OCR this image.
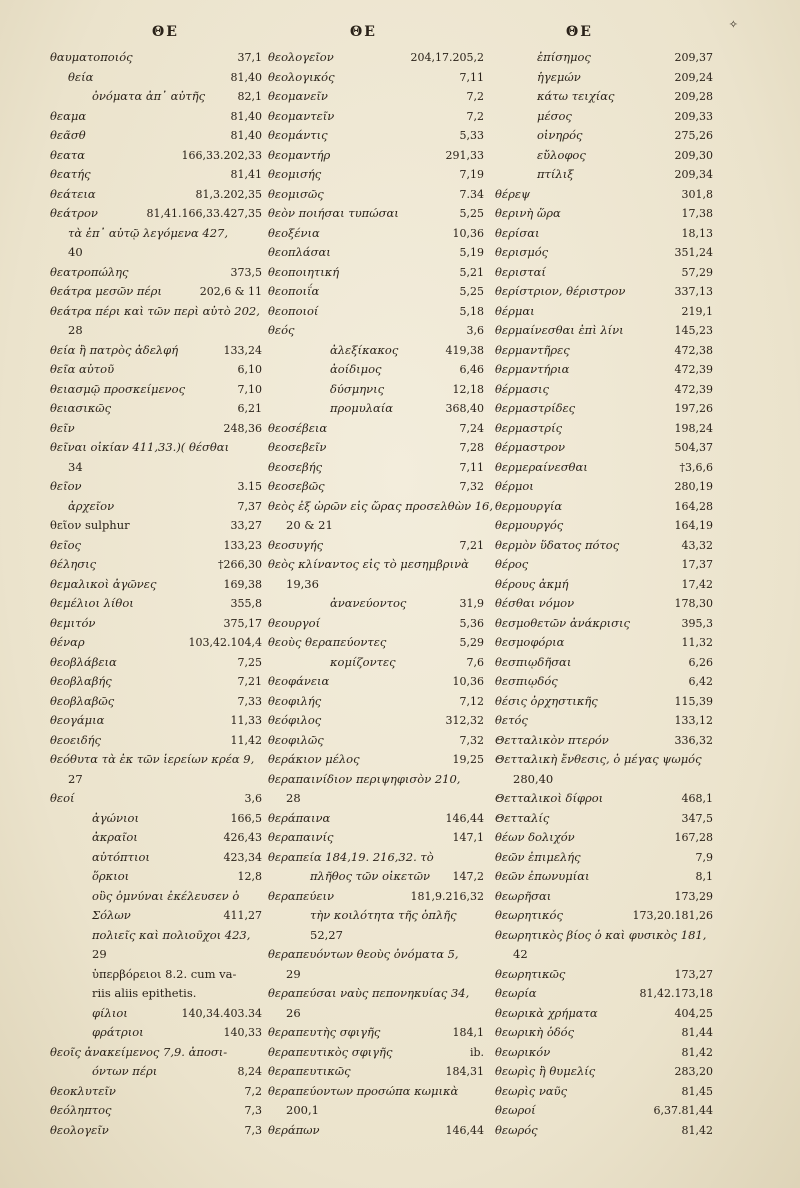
ΘΕ	ΘΕ	ΘΕ	✧
θαυματοποιός	37,1
θεία	81,40
ὀνόματα ἀπ᾽ αὐτῆς	82,1
θεαμα	81,40
θεᾶσθ	81,40
θεατα	166,33.202,33
θεατής	81,41
θεάτεια	81,3.202,35
θεάτρον	81,41.166,33.427,35
τὰ ἐπ᾽ αὐτῷ λεγόμενα 427,
40
θεατροπώλης	373,5
θεάτρα μεσῶν πέρι	202,6 & 11
θεάτρα πέρι καὶ τῶν περὶ αὐτὸ 202,
28
θεία ἢ πατρὸς ἀδελφή	133,24
θεῖα αὐτοῦ	6,10
θειασμῷ προσκείμενος	7,10
θειασικῶς	6,21
θεῖν	248,36
θεῖναι οἰκίαν 411,33.)( θέσθαι
34
θεῖον	3.15
ἀρχεῖον	7,37
θεῖον sulphur	33,27
θεῖος	133,23
θέλησις	†266,30
θεμαλικοὶ ἀγῶνες	169,38
θεμέλιοι λίθοι	355,8
θεμιτόν	375,17
θέναρ	103,42.104,4
θεοβλάβεια	7,25
θεοβλαβής	7,21
θεοβλαβῶς	7,33
θεογάμια	11,33
θεοειδής	11,42
θεόθυτα τὰ ἐκ τῶν ἱερείων κρέα 9,
27
θεοί	3,6
ἀγώνιοι	166,5
ἀκραῖοι	426,43
αὐτόπτιοι	423,34
ὅρκιοι	12,8
οὓς ὀμνύναι ἐκέλευσεν ὁ
Σόλων	411,27
πολιεῖς καὶ πολιοῦχοι 423,
29
ὑπερβόρειοι 8.2. cum va-
riis aliis epithetis.
φίλιοι	140,34.403.34
φράτριοι	140,33
θεοῖς ἀνακείμενος 7,9. ἀποσι-
όντων πέρι	8,24
θεοκλυτεῖν	7,2
θεόληπτος	7,3
θεολογεῖν	7,3
θεολογεῖον	204,17.205,2
θεολογικός	7,11
θεομανεῖν	7,2
θεομαντεῖν	7,2
θεομάντις	5,33
θεομαντήρ	291,33
θεομισής	7,19
θεομισῶς	7.34
θεὸν ποιήσαι τυπώσαι	5,25
θεοξένια	10,36
θεοπλάσαι	5,19
θεοποιητική	5,21
θεοποιΐα	5,25
θεοποιοί	5,18
θεός	3,6
ἀλεξίκακος	419,38
ἀοίδιμος	6,46
δύσμηνις	12,18
προμυλαία	368,40
θεοσέβεια	7,24
θεοσεβεῖν	7,28
θεοσεβής	7,11
θεοσεβῶς	7,32
θεὸς ἐξ ὡρῶν εἰς ὥρας προσελθὼν 16,
20 & 21
θεοσυγής	7,21
θεὸς κλίναντος εἰς τὸ μεσημβρινὰ
19,36
ἀνανεύοντος	31,9
θεουργοί	5,36
θεοὺς θεραπεύοντες	5,29
κομίζοντες	7,6
θεοφάνεια	10,36
θεοφιλής	7,12
θεόφιλος	312,32
θεοφιλῶς	7,32
θεράκιον μέλος	19,25
θεραπαινίδιον περιψηφισὸν 210,
28
θεράπαινα	146,44
θεραπαινίς	147,1
θεραπεία 184,19. 216,32. τὸ
πλῆθος τῶν οἰκετῶν 147,2
θεραπεύειν	181,9.216,32
τὴν κοιλότητα τῆς ὁπλῆς
52,27
θεραπευόντων θεοὺς ὀνόματα 5,
29
θεραπεύσαι ναὺς πεπονηκυίας 34,
26
θεραπευτὴς σφιγῆς	184,1
θεραπευτικὸς σφιγῆς	ib.
θεραπευτικῶς	184,31
θεραπεύοντων προσώπα κωμικὰ
200,1
θεράπων	146,44
ἐπίσημος	209,37
ἡγεμών	209,24
κάτω τειχίας	209,28
μέσος	209,33
οἰνηρός	275,26
εὔλοφος	209,30
πτίλιξ	209,34
θέρεψ	301,8
θερινὴ ὥρα	17,38
θερίσαι	18,13
θερισμός	351,24
θερισταί	57,29
θερίστριον, θέριστρον	337,13
θέρμαι	219,1
θερμαίνεσθαι ἐπὶ λίνι	145,23
θερμαντῆρες	472,38
θερμαντήρια	472,39
θέρμασις	472,39
θερμαστρίδες	197,26
θερμαστρίς	198,24
θέρμαστρον	504,37
θερμεραίνεσθαι	†3,6,6
θέρμοι	280,19
θερμουργία	164,28
θερμουργός	164,19
θερμὸν ὕδατος πότος	43,32
θέρος	17,37
θέρους ἀκμή	17,42
θέσθαι νόμον	178,30
θεσμοθετῶν ἀνάκρισις	395,3
θεσμοφόρια	11,32
θεσπιῳδῆσαι	6,26
θεσπιῳδός	6,42
θέσις ὀρχηστικῆς	115,39
θετός	133,12
Θετταλικὸν πτερόν	336,32
Θετταλικὴ ἔνθεσις, ὁ μέγας ψωμός
280,40
Θετταλικοὶ δίφροι	468,1
Θετταλίς	347,5
θέων δολιχόν	167,28
θεῶν ἐπιμελής	7,9
θεῶν ἐπωνυμίαι	8,1
θεωρῆσαι	173,29
θεωρητικός	173,20.181,26
θεωρητικὸς βίος ὁ καὶ φυσικὸς 181,
42
θεωρητικῶς	173,27
θεωρία	81,42.173,18
θεωρικὰ χρήματα	404,25
θεωρικὴ ὁδός	81,44
θεωρικόν	81,42
θεωρὶς ἢ θυμελίς	283,20
θεωρὶς ναῦς	81,45
θεωροί	6,37.81,44
θεωρός	81,42
